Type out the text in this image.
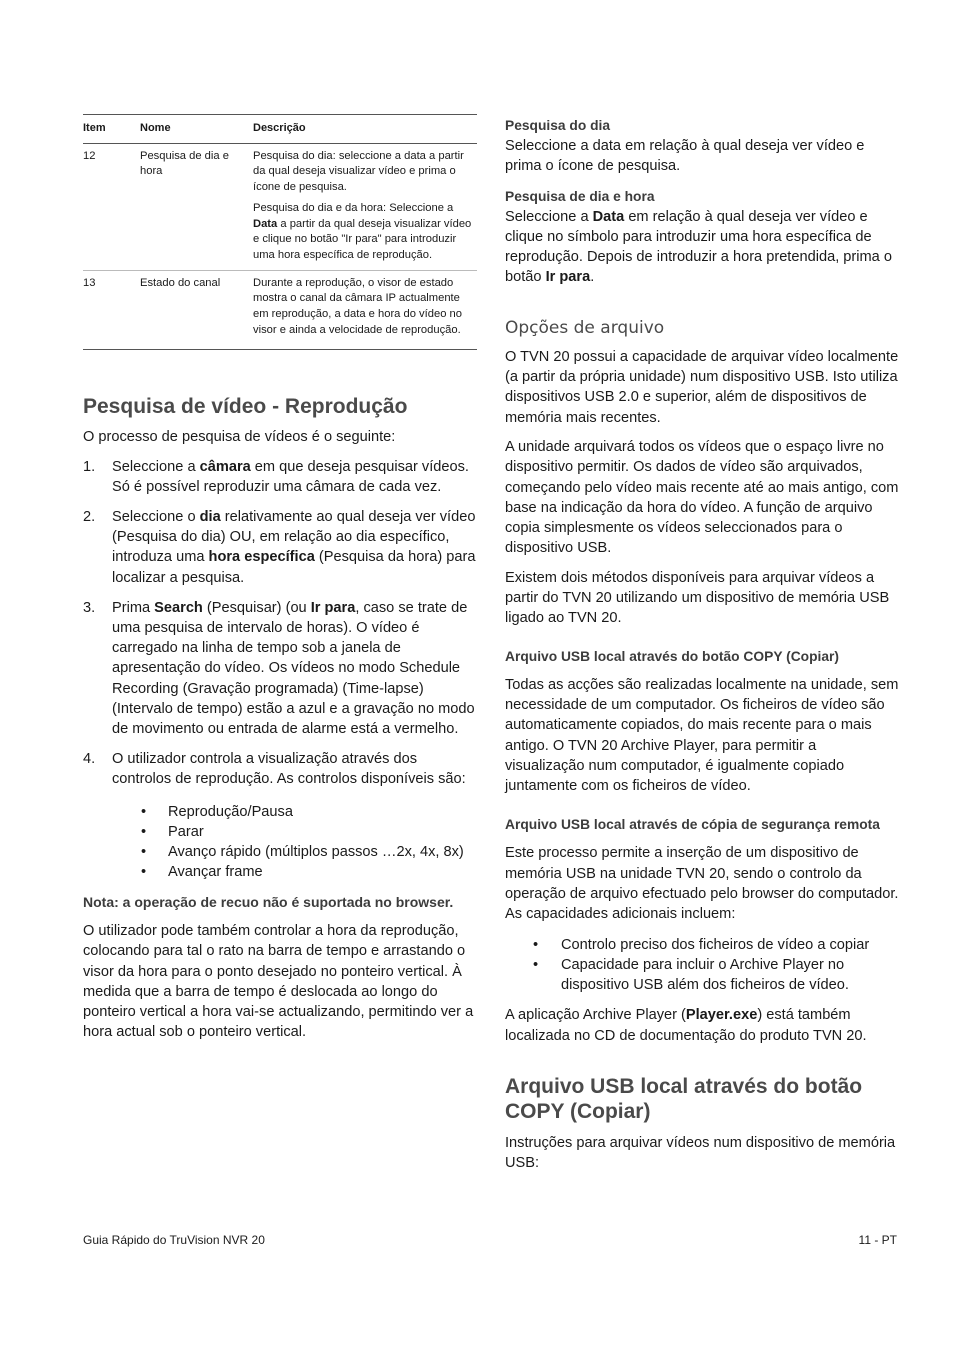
Item	Nome	Descrição
12	Pesquisa de dia e hora	Pesquisa do dia: seleccione a data a partir da qual deseja visualizar vídeo e prima o ícone de pesquisa.
Pesquisa do dia e da hora: Seleccione a Data a partir da qual deseja visualizar vídeo e clique no botão "Ir para" para introduzir uma hora específica de reprodução.

13	Estado do canal	Durante a reprodução, o visor de estado mostra o canal da câmara IP actualmente em reprodução, a data e hora do vídeo no visor e ainda a velocidade de reprodução.
Pesquisa de vídeo - Reprodução

O processo de pesquisa de vídeos é o seguinte:

1. Seleccione a câmara em que deseja pesquisar vídeos. Só é possível reproduzir uma câmara de cada vez.
2. Seleccione o dia relativamente ao qual deseja ver vídeo (Pesquisa do dia) OU, em relação ao dia específico, introduza uma hora específica (Pesquisa da hora) para localizar a pesquisa.
3. Prima Search (Pesquisar) (ou Ir para, caso se trate de uma pesquisa de intervalo de horas). O vídeo é carregado na linha de tempo sob a janela de apresentação do vídeo. Os vídeos no modo Schedule Recording (Gravação programada) (Time-lapse) (Intervalo de tempo) estão a azul e a gravação no modo de movimento ou entrada de alarme está a vermelho.
4. O utilizador controla a visualização através dos controlos de reprodução. As controlos disponíveis são:
• Reprodução/Pausa
• Parar
• Avanço rápido (múltiplos passos …2x, 4x, 8x)
• Avançar frame
Nota: a operação de recuo não é suportada no browser.

O utilizador pode também controlar a hora da reprodução, colocando para tal o rato na barra de tempo e arrastando o visor da hora para o ponto desejado no ponteiro vertical. À medida que a barra de tempo é deslocada ao longo do ponteiro vertical a hora vai-se actualizando, permitindo ver a hora actual sob o ponteiro vertical.

Pesquisa do dia

Seleccione a data em relação à qual deseja ver vídeo e prima o ícone de pesquisa.

Pesquisa de dia e hora

Seleccione a Data em relação à qual deseja ver vídeo e clique no símbolo para introduzir uma hora específica de reprodução. Depois de introduzir a hora pretendida, prima o botão Ir para.

Opções de arquivo

O TVN 20 possui a capacidade de arquivar vídeo localmente (a partir da própria unidade) num dispositivo USB. Isto utiliza dispositivos USB 2.0 e superior, além de dispositivos de memória mais recentes.

A unidade arquivará todos os vídeos que o espaço livre no dispositivo permitir. Os dados de vídeo são arquivados, começando pelo vídeo mais recente até ao mais antigo, com base na indicação da hora do vídeo. A função de arquivo copia simplesmente os vídeos seleccionados para o dispositivo USB.

Existem dois métodos disponíveis para arquivar vídeos a partir do TVN 20 utilizando um dispositivo de memória USB ligado ao TVN 20.

Arquivo USB local através do botão COPY (Copiar)

Todas as acções são realizadas localmente na unidade, sem necessidade de um computador. Os ficheiros de vídeo são automaticamente copiados, do mais recente para o mais antigo. O TVN 20 Archive Player, para permitir a visualização num computador, é igualmente copiado juntamente com os ficheiros de vídeo.

Arquivo USB local através de cópia de segurança remota

Este processo permite a inserção de um dispositivo de memória USB na unidade TVN 20, sendo o controlo da operação de arquivo efectuado pelo browser do computador. As capacidades adicionais incluem:

• Controlo preciso dos ficheiros de vídeo a copiar
• Capacidade para incluir o Archive Player no dispositivo USB além dos ficheiros de vídeo.

A aplicação Archive Player (Player.exe) está também localizada no CD de documentação do produto TVN 20.

Arquivo USB local através do botão COPY (Copiar)

Instruções para arquivar vídeos num dispositivo de memória USB:

Guia Rápido do TruVision NVR 20	11 - PT
